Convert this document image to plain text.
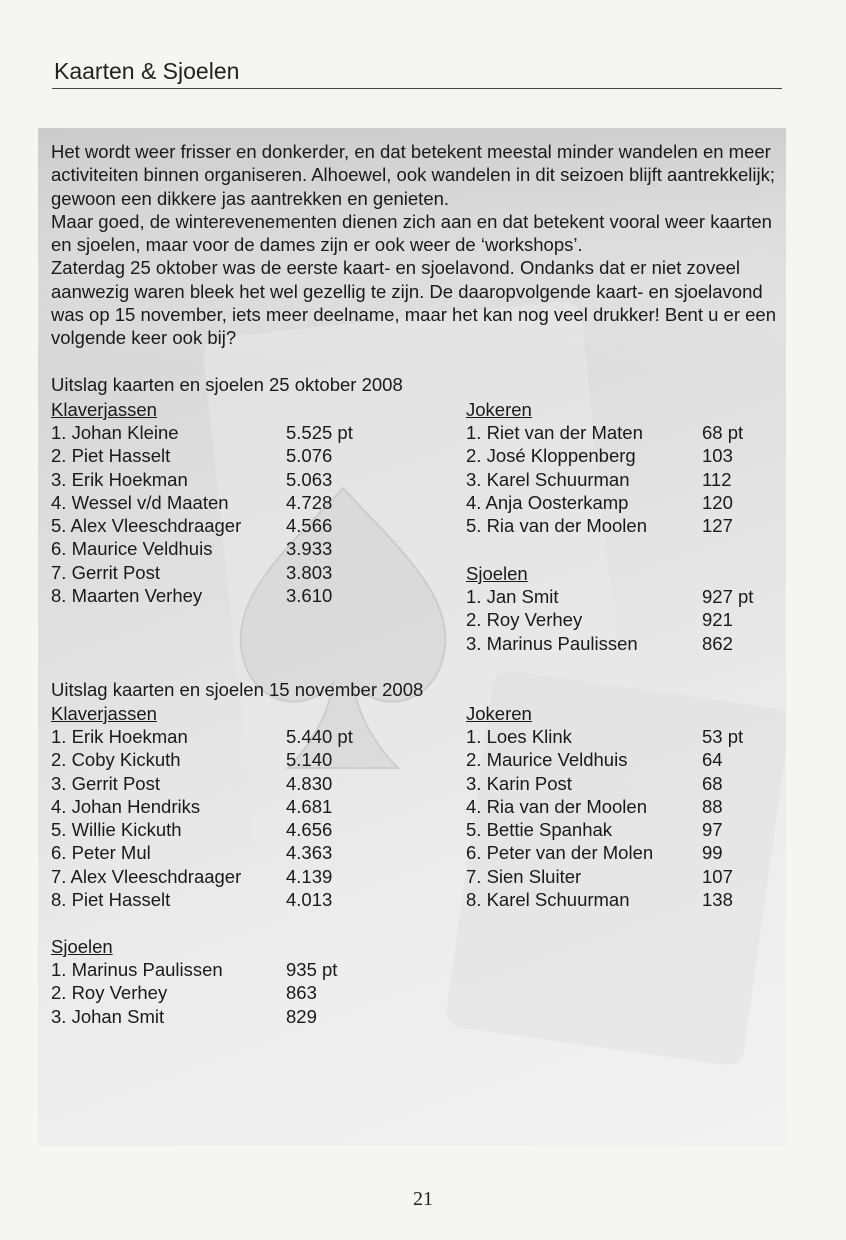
Kaarten & Sjoelen

Het wordt weer frisser en donkerder, en dat betekent meestal minder wandelen en meer activiteiten binnen organiseren. Alhoewel, ook wandelen in dit seizoen blijft aantrekkelijk; gewoon een dikkere jas aantrekken en genieten.

Maar goed, de winterevenementen dienen zich aan en dat betekent vooral weer kaarten en sjoelen, maar voor de dames zijn er ook weer de ‘workshops’.

Zaterdag 25 oktober was de eerste kaart- en sjoelavond. Ondanks dat er niet zoveel aanwezig waren bleek het wel gezellig te zijn. De daaropvolgende kaart- en sjoelavond was op 15 november, iets meer deelname, maar het kan nog veel drukker! Bent u er een volgende keer ook bij?

Uitslag kaarten en sjoelen 25 oktober 2008
Klaverjassen
1. Johan Kleine	5.525 pt
2. Piet Hasselt	5.076
3. Erik Hoekman	5.063
4. Wessel v/d Maaten	4.728
5. Alex Vleeschdraager 4.566
6. Maurice Veldhuis	3.933
7. Gerrit Post	3.803
8. Maarten Verhey	3.610
Jokeren
1. Riet van der Maten	68 pt
2. José Kloppenberg	103
3. Karel Schuurman	112
4. Anja Oosterkamp	120
5. Ria van der Moolen	127
Sjoelen
1. Jan Smit	927 pt
2. Roy Verhey	921
3. Marinus Paulissen	862
Uitslag kaarten en sjoelen 15 november 2008
Klaverjassen
1. Erik Hoekman	5.440 pt
2. Coby Kickuth	5.140
3. Gerrit Post	4.830
4. Johan Hendriks	4.681
5. Willie Kickuth	4.656
6. Peter Mul	4.363
7. Alex Vleeschdraager 4.139
8. Piet Hasselt	4.013
Jokeren
1. Loes Klink	53 pt
2. Maurice Veldhuis	64
3. Karin Post	68
4. Ria van der Moolen	88
5. Bettie Spanhak	97
6. Peter van der Molen	99
7. Sien Sluiter	107
8. Karel Schuurman	138
Sjoelen
1. Marinus Paulissen	935 pt
2. Roy Verhey	863
3. Johan Smit	829
21
